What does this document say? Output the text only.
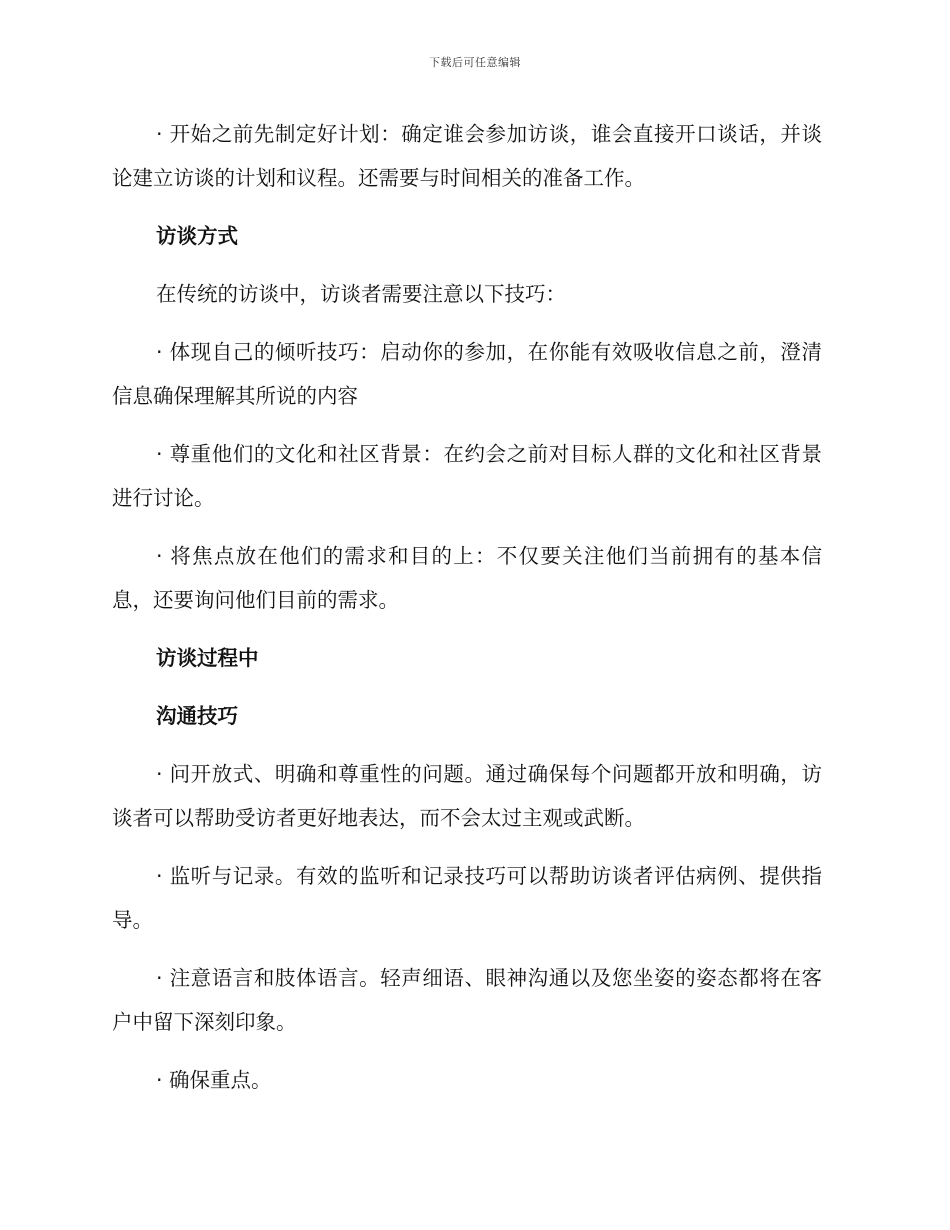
下载后可任意编辑

· 开始之前先制定好计划：确定谁会参加访谈，谁会直接开口谈话，并谈论建立访谈的计划和议程。还需要与时间相关的准备工作。

访谈方式

在传统的访谈中，访谈者需要注意以下技巧：

· 体现自己的倾听技巧：启动你的参加，在你能有效吸收信息之前，澄清信息确保理解其所说的内容

· 尊重他们的文化和社区背景：在约会之前对目标人群的文化和社区背景进行讨论。

· 将焦点放在他们的需求和目的上：不仅要关注他们当前拥有的基本信息，还要询问他们目前的需求。

访谈过程中

沟通技巧

· 问开放式、明确和尊重性的问题。通过确保每个问题都开放和明确，访谈者可以帮助受访者更好地表达，而不会太过主观或武断。

· 监听与记录。有效的监听和记录技巧可以帮助访谈者评估病例、提供指导。

· 注意语言和肢体语言。轻声细语、眼神沟通以及您坐姿的姿态都将在客户中留下深刻印象。

· 确保重点。
